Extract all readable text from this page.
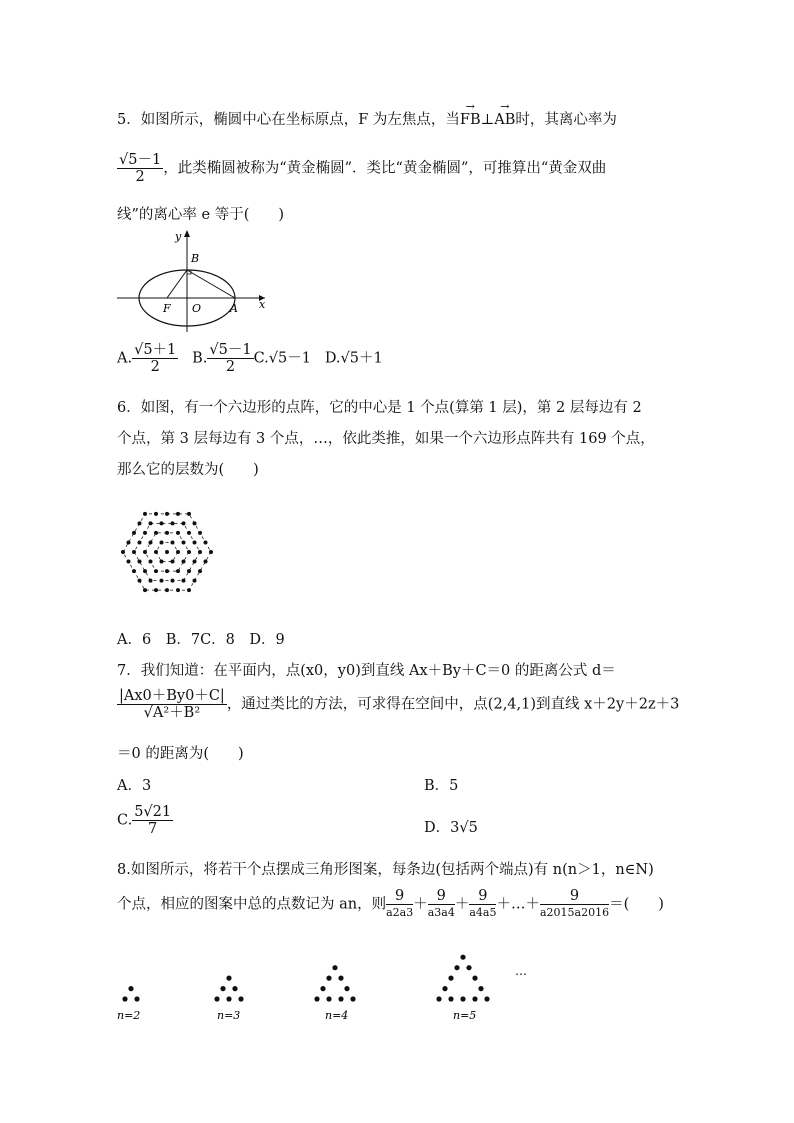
5．如图所示，椭圆中心在坐标原点，F 为左焦点，当→ FB⊥→ AB时，其离心率为
$\frac{√5-1}{2}$ ，此类椭圆被称为“黄金椭圆”．类比“黄金椭圆”，可推算出“黄金双曲
线”的离心率 e 等于(　　)
y
x
B
F O	A
A. $\frac{√5+1}{2} B$. $\frac{√5-1}{2} C.√5-1$ D.√5＋1
6．如图，有一个六边形的点阵，它的中心是 1 个点(算第 1 层)，第 2 层每边有 2
个点，第 3 层每边有 3 个点，…，依此类推，如果一个六边形点阵共有 169 个点，
那么它的层数为(　　)
A．6　B．7C．8　D．9
7．我们知道：在平面内，点(x0，y0)到直线 Ax＋By＋C＝0 的距离公式 d＝
$\frac{|Ax0+By0+C|}{\text{√A²＋B²}}$ ，通过类比的方法，可求得在空间中，点(2,4,1)到直线 x＋2y＋2z＋3
＝0 的距离为(　　)
A．3	B．5
C. $\frac{5√21}{7}$	D．3√5
8.如图所示，将若干个点摆成三角形图案，每条边(包括两个端点)有 n(n＞1，n∈N)
个点，相应的图案中总的点数记为 an，则 $\frac{9}{a2a3} + \frac{9}{a3a4} + \frac{9}{a4a5}$ ＋…＋ $\frac{9}{a2015a2016}$ ＝(　　)
n=2	n=3	n=4	n=5
…
